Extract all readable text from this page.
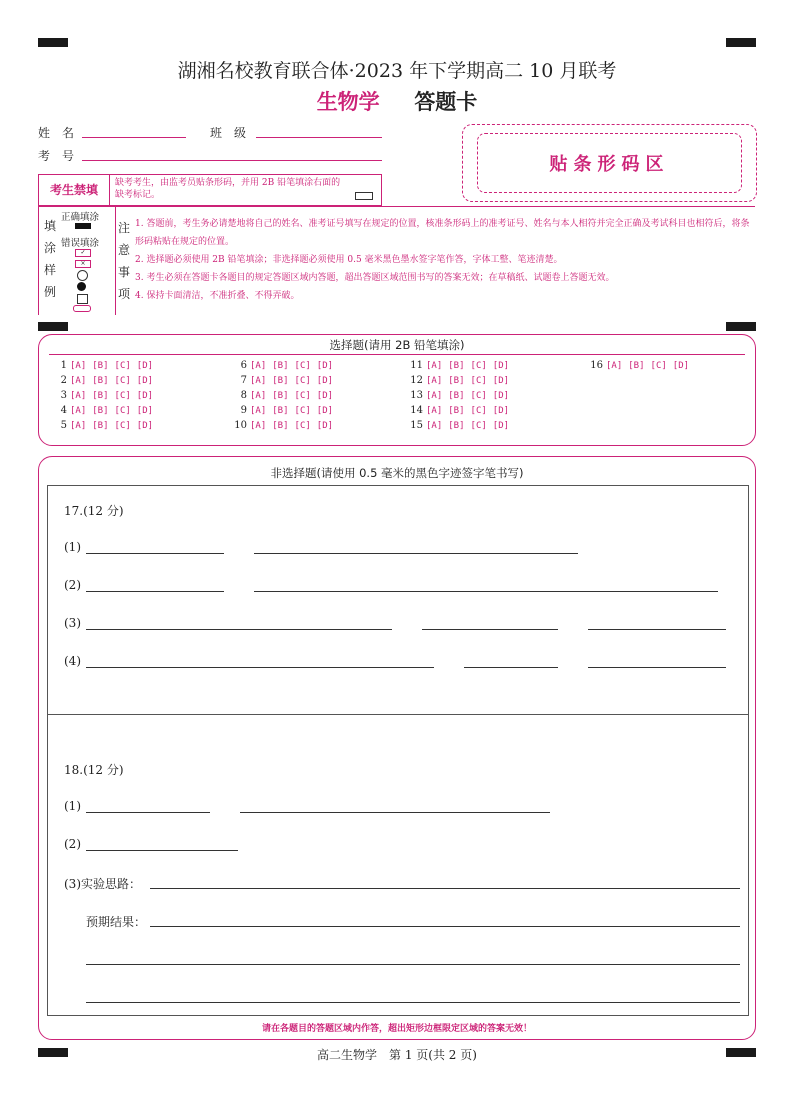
湖湘名校教育联合体·2023 年下学期高二 10 月联考
生物学 答题卡
姓　名	班　级
考　号	贴条形码区
考生禁填	缺考考生，由监考员贴条形码，并用 2B 铅笔填涂右面的缺考标记。
填
涂
样
例
正确填涂
错误填涂
✓
×
注
意
事
项
1. 答题前，考生务必请楚地将自己的姓名、准考证号填写在规定的位置，核准条形码上的准考证号、姓名与本人相符并完全正确及考试科目也相符后，将条形码粘贴在规定的位置。
2. 选择题必须使用 2B 铅笔填涂；非选择题必须使用 0.5 毫米黑色墨水签字笔作答，字体工整、笔迹清楚。
3. 考生必须在答题卡各题目的规定答题区域内答题，超出答题区域范围书写的答案无效；在草稿纸、试题卷上答题无效。
4. 保持卡面清洁，不准折叠、不得弄破。
选择题(请用 2B 铅笔填涂)
1 [A] [B] [C] [D]
2 [A] [B] [C] [D]
3 [A] [B] [C] [D]
4 [A] [B] [C] [D]
5 [A] [B] [C] [D]
6 [A] [B] [C] [D]
7 [A] [B] [C] [D]
8 [A] [B] [C] [D]
9 [A] [B] [C] [D]
10 [A] [B] [C] [D]
11 [A] [B] [C] [D]
12 [A] [B] [C] [D]
13 [A] [B] [C] [D]
14 [A] [B] [C] [D]
15 [A] [B] [C] [D]
16 [A] [B] [C] [D]
非选择题(请使用 0.5 毫米的黑色字迹签字笔书写)
17.(12 分)
(1)
(2)
(3)
(4)
18.(12 分)
(1)
(2)
(3)实验思路：
预期结果：
请在各题目的答题区域内作答，超出矩形边框限定区域的答案无效！
高二生物学　第 1 页(共 2 页)
